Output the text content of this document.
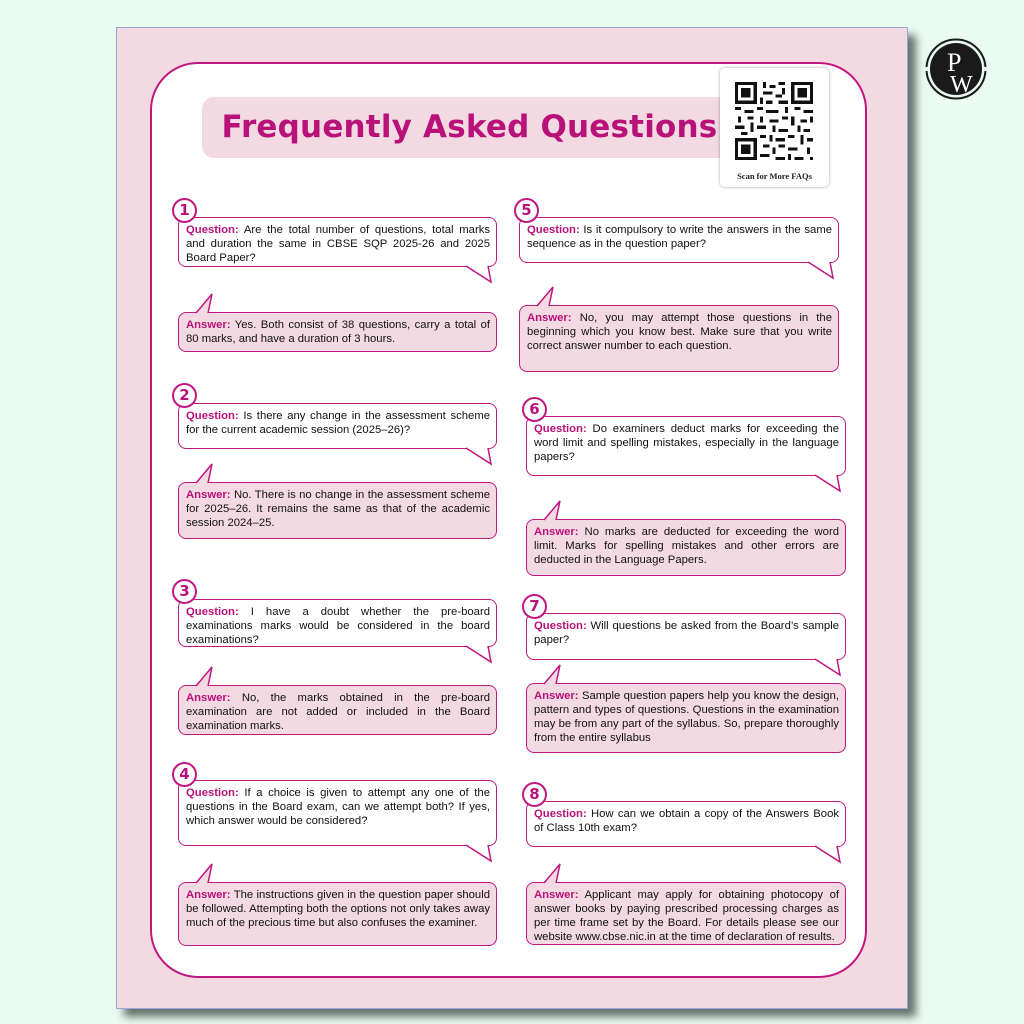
Frequently Asked Questions
Scan for More FAQs
P
W
1
Question: Are the total number of questions, total marks and duration the same in CBSE SQP 2025-26 and 2025 Board Paper?
Answer: Yes. Both consist of 38 questions, carry a total of 80 marks, and have a duration of 3 hours.
2
Question: Is there any change in the assessment scheme for the current academic session (2025–26)?
Answer: No. There is no change in the assessment scheme for 2025–26. It remains the same as that of the academic session 2024–25.
3
Question: I have a doubt whether the pre-board examinations marks would be considered in the board examinations?
Answer: No, the marks obtained in the pre-board examination are not added or included in the Board examination marks.
4
Question: If a choice is given to attempt any one of the questions in the Board exam, can we attempt both? If yes, which answer would be considered?
Answer: The instructions given in the question paper should be followed. Attempting both the options not only takes away much of the precious time but also confuses the examiner.
5
Question: Is it compulsory to write the answers in the same sequence as in the question paper?
Answer: No, you may attempt those questions in the beginning which you know best. Make sure that you write correct answer number to each question.
6
Question: Do examiners deduct marks for exceeding the word limit and spelling mistakes, especially in the language papers?
Answer: No marks are deducted for exceeding the word limit. Marks for spelling mistakes and other errors are deducted in the Language Papers.
7
Question: Will questions be asked from the Board’s sample paper?
Answer: Sample question papers help you know the design, pattern and types of questions. Questions in the examination may be from any part of the syllabus. So, prepare thoroughly from the entire syllabus
8
Question: How can we obtain a copy of the Answers Book of Class 10th exam?
Answer: Applicant may apply for obtaining photocopy of answer books by paying prescribed processing charges as per time frame set by the Board. For details please see our website www.cbse.nic.in at the time of declaration of results.
